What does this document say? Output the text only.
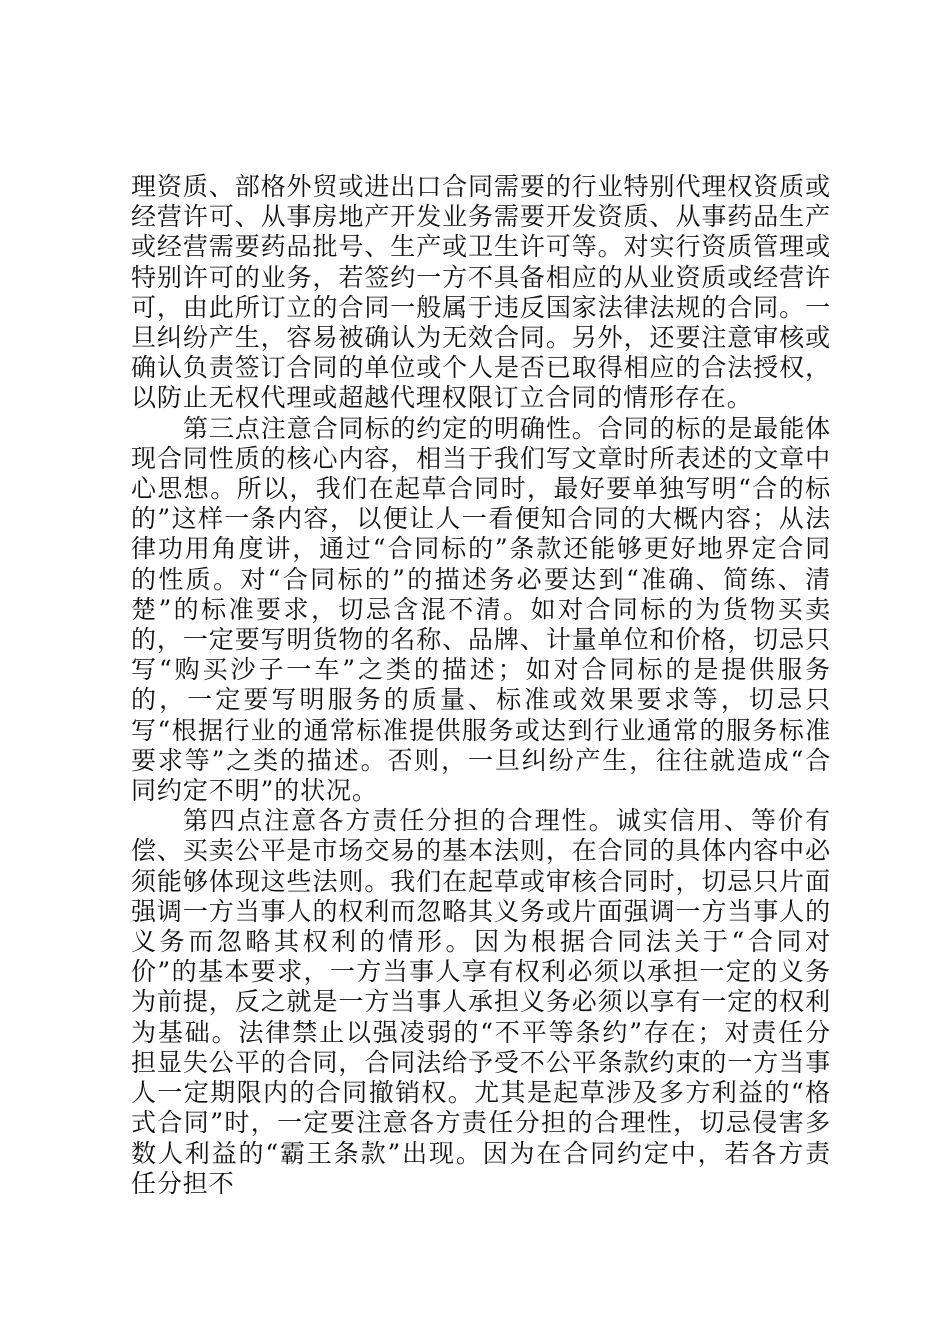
理资质、部格外贸或进出口合同需要的行业特别代理权资质或经营许可、从事房地产开发业务需要开发资质、从事药品生产或经营需要药品批号、生产或卫生许可等。对实行资质管理或特别许可的业务，若签约一方不具备相应的从业资质或经营许可，由此所订立的合同一般属于违反国家法律法规的合同。一旦纠纷产生，容易被确认为无效合同。另外，还要注意审核或确认负责签订合同的单位或个人是否已取得相应的合法授权，以防止无权代理或超越代理权限订立合同的情形存在。

第三点注意合同标的约定的明确性。合同的标的是最能体现合同性质的核心内容，相当于我们写文章时所表述的文章中心思想。所以，我们在起草合同时，最好要单独写明“合的标的”这样一条内容，以便让人一看便知合同的大概内容；从法律功用角度讲，通过“合同标的”条款还能够更好地界定合同的性质。对“合同标的”的描述务必要达到“准确、简练、清楚”的标准要求，切忌含混不清。如对合同标的为货物买卖的，一定要写明货物的名称、品牌、计量单位和价格，切忌只写“购买沙子一车”之类的描述；如对合同标的是提供服务的，一定要写明服务的质量、标准或效果要求等，切忌只写“根据行业的通常标准提供服务或达到行业通常的服务标准要求等”之类的描述。否则，一旦纠纷产生，往往就造成“合同约定不明”的状况。

第四点注意各方责任分担的合理性。诚实信用、等价有偿、买卖公平是市场交易的基本法则，在合同的具体内容中必须能够体现这些法则。我们在起草或审核合同时，切忌只片面强调一方当事人的权利而忽略其义务或片面强调一方当事人的义务而忽略其权利的情形。因为根据合同法关于“合同对价”的基本要求，一方当事人享有权利必须以承担一定的义务为前提，反之就是一方当事人承担义务必须以享有一定的权利为基础。法律禁止以强凌弱的“不平等条约”存在；对责任分担显失公平的合同，合同法给予受不公平条款约束的一方当事人一定期限内的合同撤销权。尤其是起草涉及多方利益的“格式合同”时，一定要注意各方责任分担的合理性，切忌侵害多数人利益的“霸王条款”出现。因为在合同约定中，若各方责任分担不
